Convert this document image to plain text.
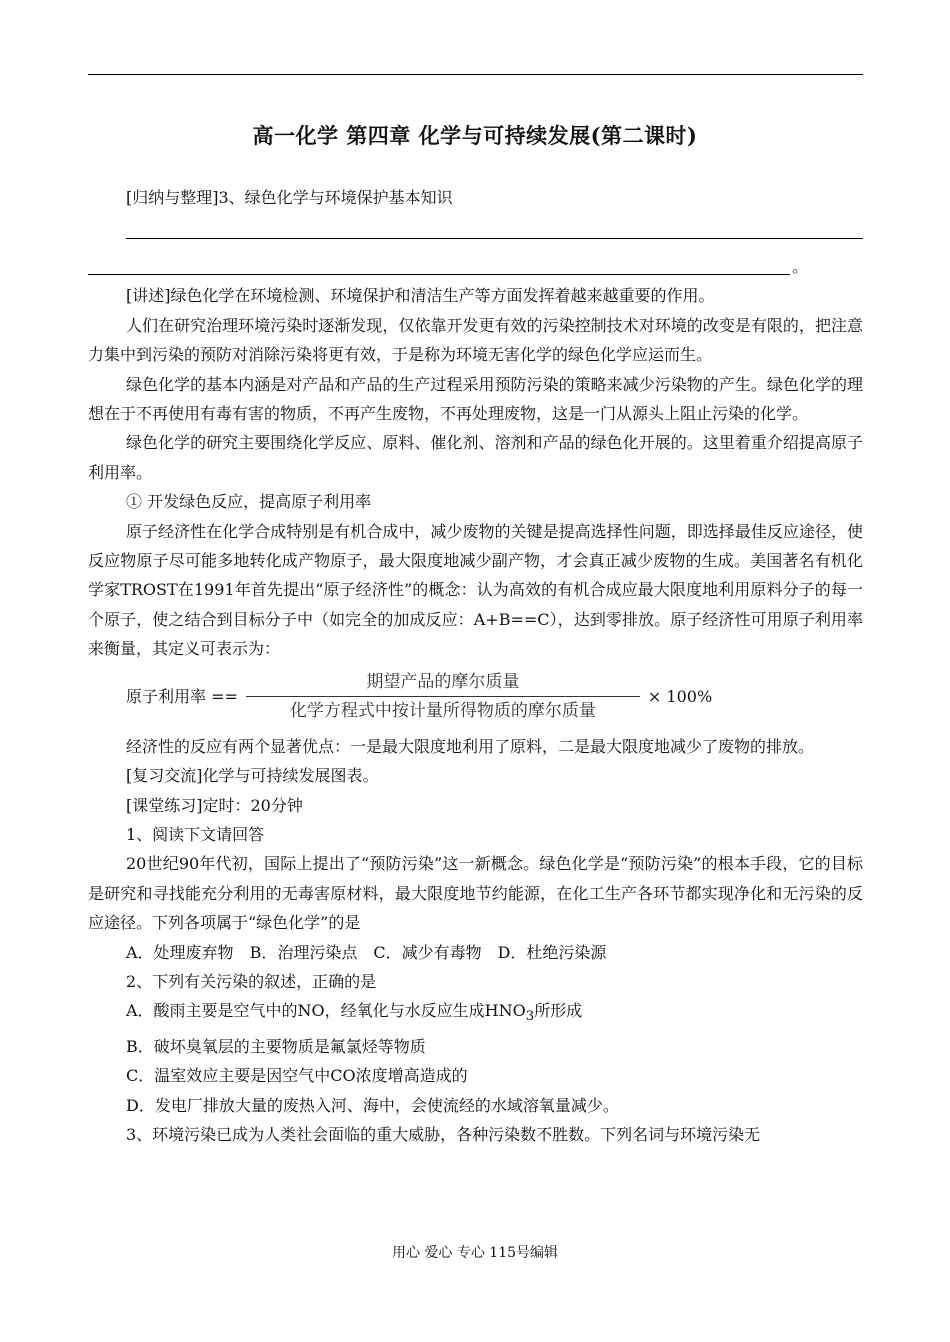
高一化学 第四章 化学与可持续发展(第二课时)

[归纳与整理]3、绿色化学与环境保护基本知识

。

[讲述]绿色化学在环境检测、环境保护和清洁生产等方面发挥着越来越重要的作用。

人们在研究治理环境污染时逐渐发现，仅依靠开发更有效的污染控制技术对环境的改变是有限的，把注意力集中到污染的预防对消除污染将更有效，于是称为环境无害化学的绿色化学应运而生。

绿色化学的基本内涵是对产品和产品的生产过程采用预防污染的策略来减少污染物的产生。绿色化学的理想在于不再使用有毒有害的物质，不再产生废物，不再处理废物，这是一门从源头上阻止污染的化学。

绿色化学的研究主要围绕化学反应、原料、催化剂、溶剂和产品的绿色化开展的。这里着重介绍提高原子利用率。

① 开发绿色反应，提高原子利用率

原子经济性在化学合成特别是有机合成中，减少废物的关键是提高选择性问题，即选择最佳反应途径，使反应物原子尽可能多地转化成产物原子，最大限度地减少副产物，才会真正减少废物的生成。美国著名有机化学家TROST在1991年首先提出“原子经济性”的概念：认为高效的有机合成应最大限度地利用原料分子的每一个原子，使之结合到目标分子中（如完全的加成反应：A+B==C），达到零排放。原子经济性可用原子利用率来衡量，其定义可表示为：

原子利用率 == $\frac{\text{期望产品的摩尔质量}}{\text{化学方程式中按计量所得物质的摩尔质量}} \times 100\%$

经济性的反应有两个显著优点：一是最大限度地利用了原料，二是最大限度地减少了废物的排放。

[复习交流]化学与可持续发展图表。

[课堂练习]定时：20分钟

1、阅读下文请回答

20世纪90年代初，国际上提出了“预防污染”这一新概念。绿色化学是“预防污染”的根本手段，它的目标是研究和寻找能充分利用的无毒害原材料，最大限度地节约能源，在化工生产各环节都实现净化和无污染的反应途径。下列各项属于“绿色化学”的是

A．处理废弃物 B．治理污染点 C．减少有毒物 D．杜绝污染源

2、下列有关污染的叙述，正确的是

A．酸雨主要是空气中的NO，经氧化与水反应生成$HNO_3$所形成

B．破坏臭氧层的主要物质是氟氯烃等物质

C．温室效应主要是因空气中CO浓度增高造成的

D．发电厂排放大量的废热入河、海中，会使流经的水域溶氧量减少。

3、环境污染已成为人类社会面临的重大威胁，各种污染数不胜数。下列名词与环境污染无

用心 爱心 专心 115号编辑
